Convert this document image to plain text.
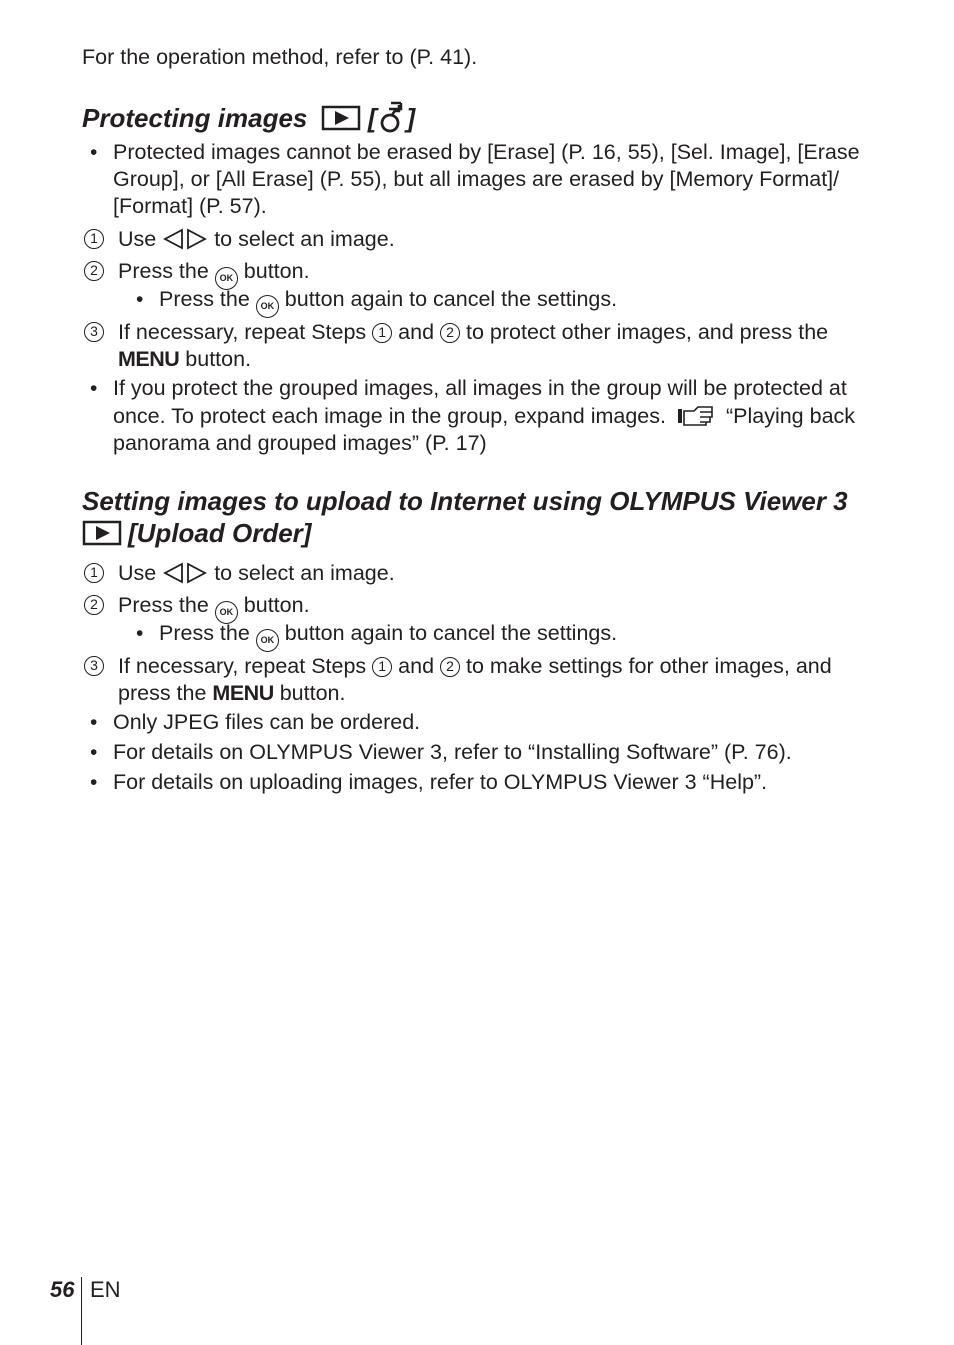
For the operation method, refer to (P. 41).
Protecting images [ ]
• Protected images cannot be erased by [Erase] (P. 16, 55), [Sel. Image], [Erase
Group], or [All Erase] (P. 55), but all images are erased by [Memory Format]/
[Format] (P. 57).
1 Use	to select an image.
2 Press the OK button.
• Press the OK button again to cancel the settings.
3 If necessary, repeat Steps 1 and 2 to protect other images, and press the
MENU button.
• If you protect the grouped images, all images in the group will be protected at
once. To protect each image in the group, expand images.	“Playing back
panorama and grouped images” (P. 17)
Setting images to upload to Internet using OLYMPUS Viewer 3
[Upload Order]
1 Use	to select an image.
2 Press the OK button.
• Press the OK button again to cancel the settings.
3 If necessary, repeat Steps 1 and 2 to make settings for other images, and
press the MENU button.
• Only JPEG files can be ordered.
• For details on OLYMPUS Viewer 3, refer to “Installing Software” (P. 76).
• For details on uploading images, refer to OLYMPUS Viewer 3 “Help”.
56 EN
